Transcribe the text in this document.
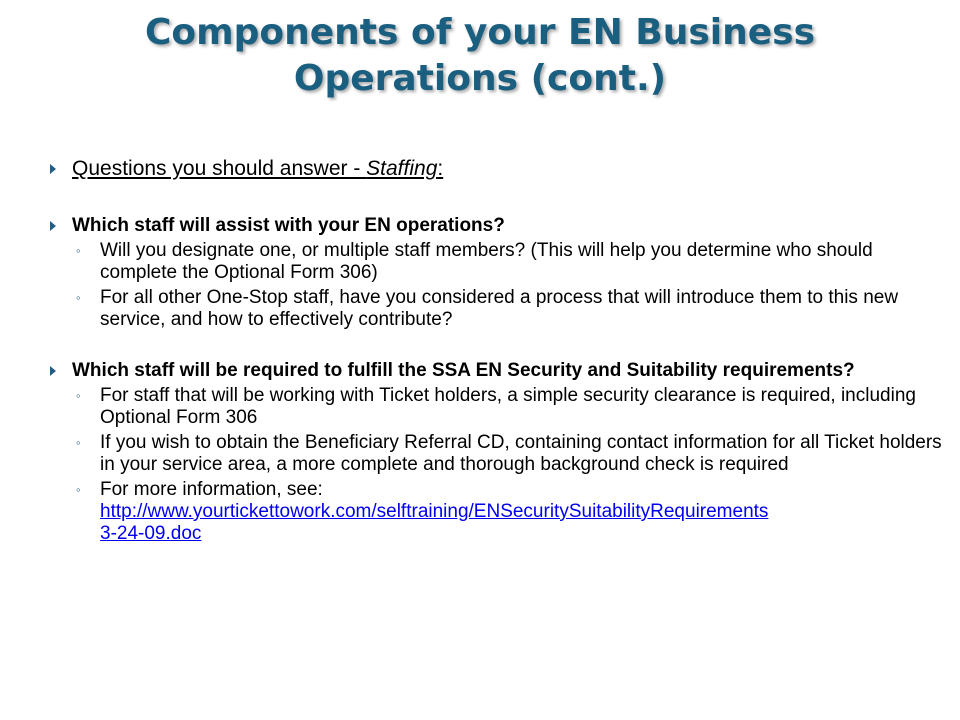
Components of your EN Business
Operations (cont.)
Questions you should answer - Staffing:
Which staff will assist with your EN operations?
◦ Will you designate one, or multiple staff members? (This will help you determine who should complete the Optional Form 306)
◦ For all other One-Stop staff, have you considered a process that will introduce them to this new service, and how to effectively contribute?
Which staff will be required to fulfill the SSA EN Security and Suitability requirements?
◦ For staff that will be working with Ticket holders, a simple security clearance is required, including Optional Form 306
◦ If you wish to obtain the Beneficiary Referral CD, containing contact information for all Ticket holders in your service area, a more complete and thorough background check is required
◦ For more information, see:
http://www.yourtickettowork.com/selftraining/ENSecuritySuitabilityRequirements
3-24-09.doc
